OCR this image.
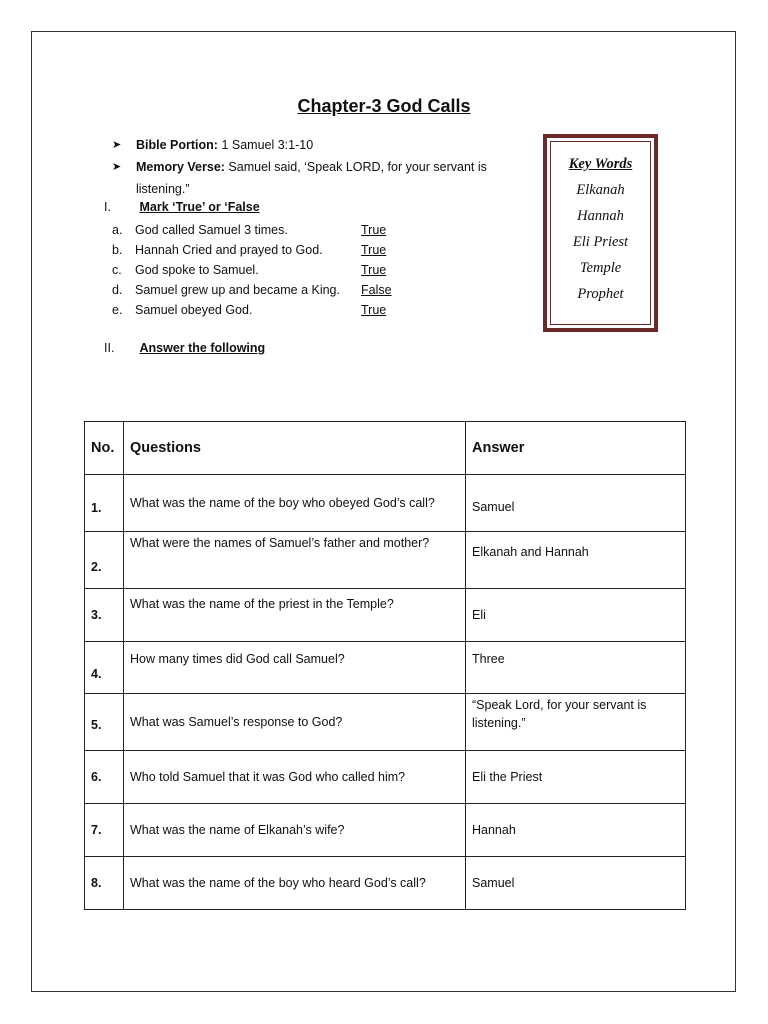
Chapter-3 God Calls
➤ Bible Portion: 1 Samuel 3:1-10
➤ Memory Verse: Samuel said, ‘Speak LORD, for your servant is listening.”
I. Mark ‘True’ or ‘False
a.	God called Samuel 3 times.	True
b.	Hannah Cried and prayed to God.	True
c.	God spoke to Samuel.	True
d.	Samuel grew up and became a King. False
e.	Samuel obeyed God.	True
II. Answer the following
Key Words
Elkanah
Hannah
Eli Priest
Temple
Prophet
No.	Questions	Answer
1.	What was the name of the boy who obeyed God’s call?	Samuel
2.	What were the names of Samuel’s father and mother?	Elkanah and Hannah
3.	What was the name of the priest in the Temple?	Eli
4.	How many times did God call Samuel?	Three
5.	What was Samuel’s response to God?	“Speak Lord, for your servant is listening.”
6.	Who told Samuel that it was God who called him?	Eli the Priest
7.	What was the name of Elkanah’s wife?	Hannah
8.	What was the name of the boy who heard God’s call?	Samuel
